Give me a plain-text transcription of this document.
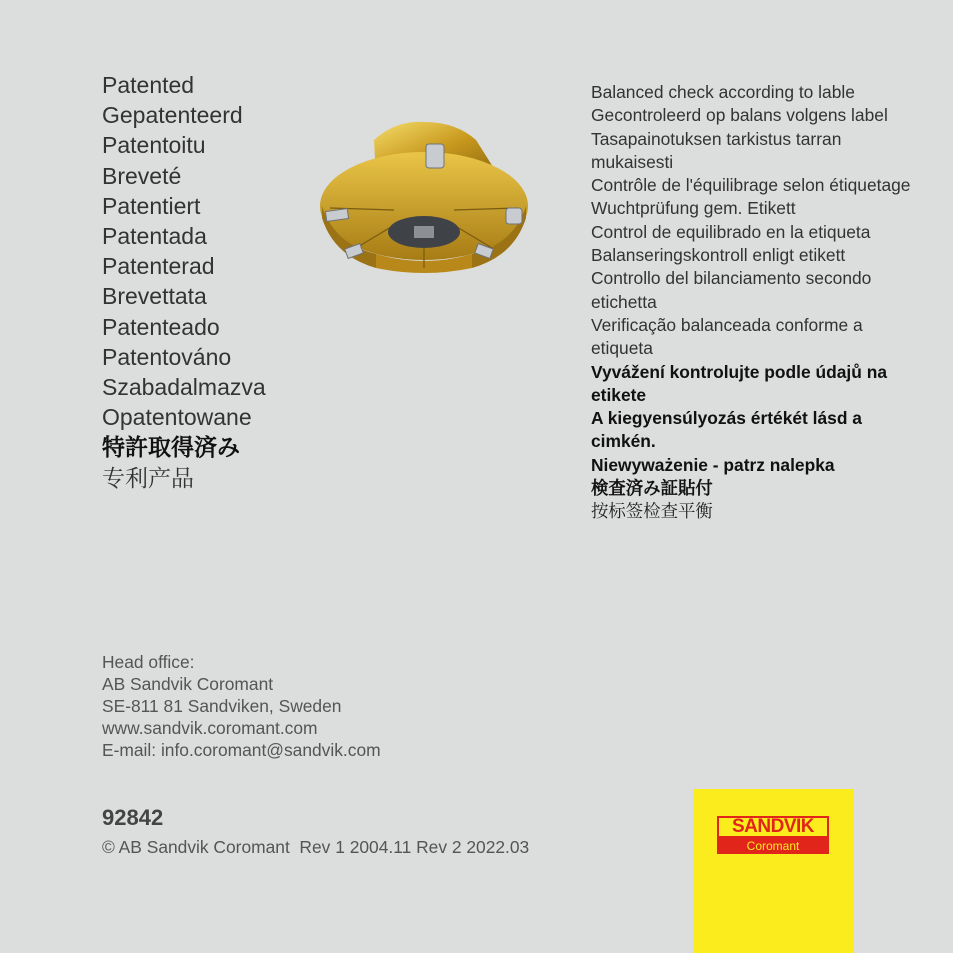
Patented
Gepatenteerd
Patentoitu
Breveté
Patentiert
Patentada
Patenterad
Brevettata
Patenteado
Patentováno
Szabadalmazva
Opatentowane
特許取得済み
专利产品
Balanced check according to lable
Gecontroleerd op balans volgens label
Tasapainotuksen tarkistus tarran mukaisesti
Contrôle de l'équilibrage selon étiquetage
Wuchtprüfung gem. Etikett
Control de equilibrado en la etiqueta
Balanseringskontroll enligt etikett
Controllo del bilanciamento secondo etichetta
Verificação balanceada conforme a etiqueta
Vyvážení kontrolujte podle údajů na etikete
A kiegyensúlyozás értékét lásd a cimkén.
Niewyważenie - patrz nalepka
検査済み証貼付
按标签检查平衡
Head office:
AB Sandvik Coromant
SE-811 81 Sandviken, Sweden
www.sandvik.coromant.com
E-mail: info.coromant@sandvik.com
92842
© AB Sandvik Coromant  Rev 1 2004.11 Rev 2 2022.03
SANDVIK
Coromant
